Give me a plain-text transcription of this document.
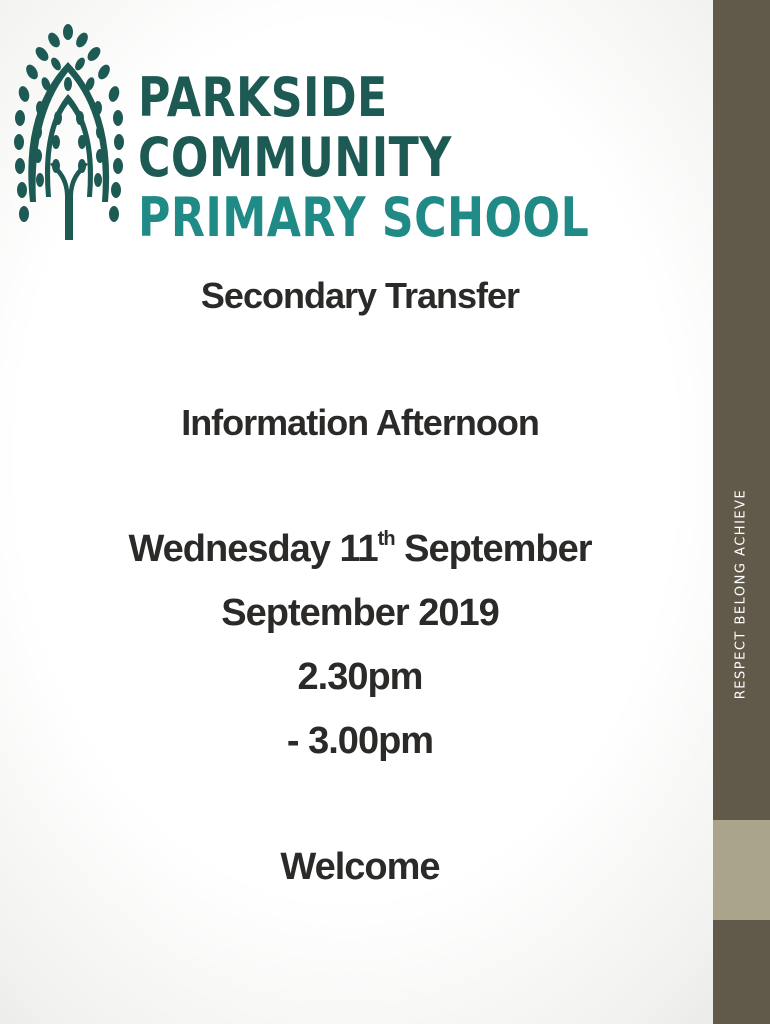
PARKSIDE COMMUNITY
PRIMARY SCHOOL
Secondary Transfer
Information Afternoon
Wednesday 11th September
September 2019
2.30pm
- 3.00pm
Welcome
RESPECT BELONG ACHIEVE
